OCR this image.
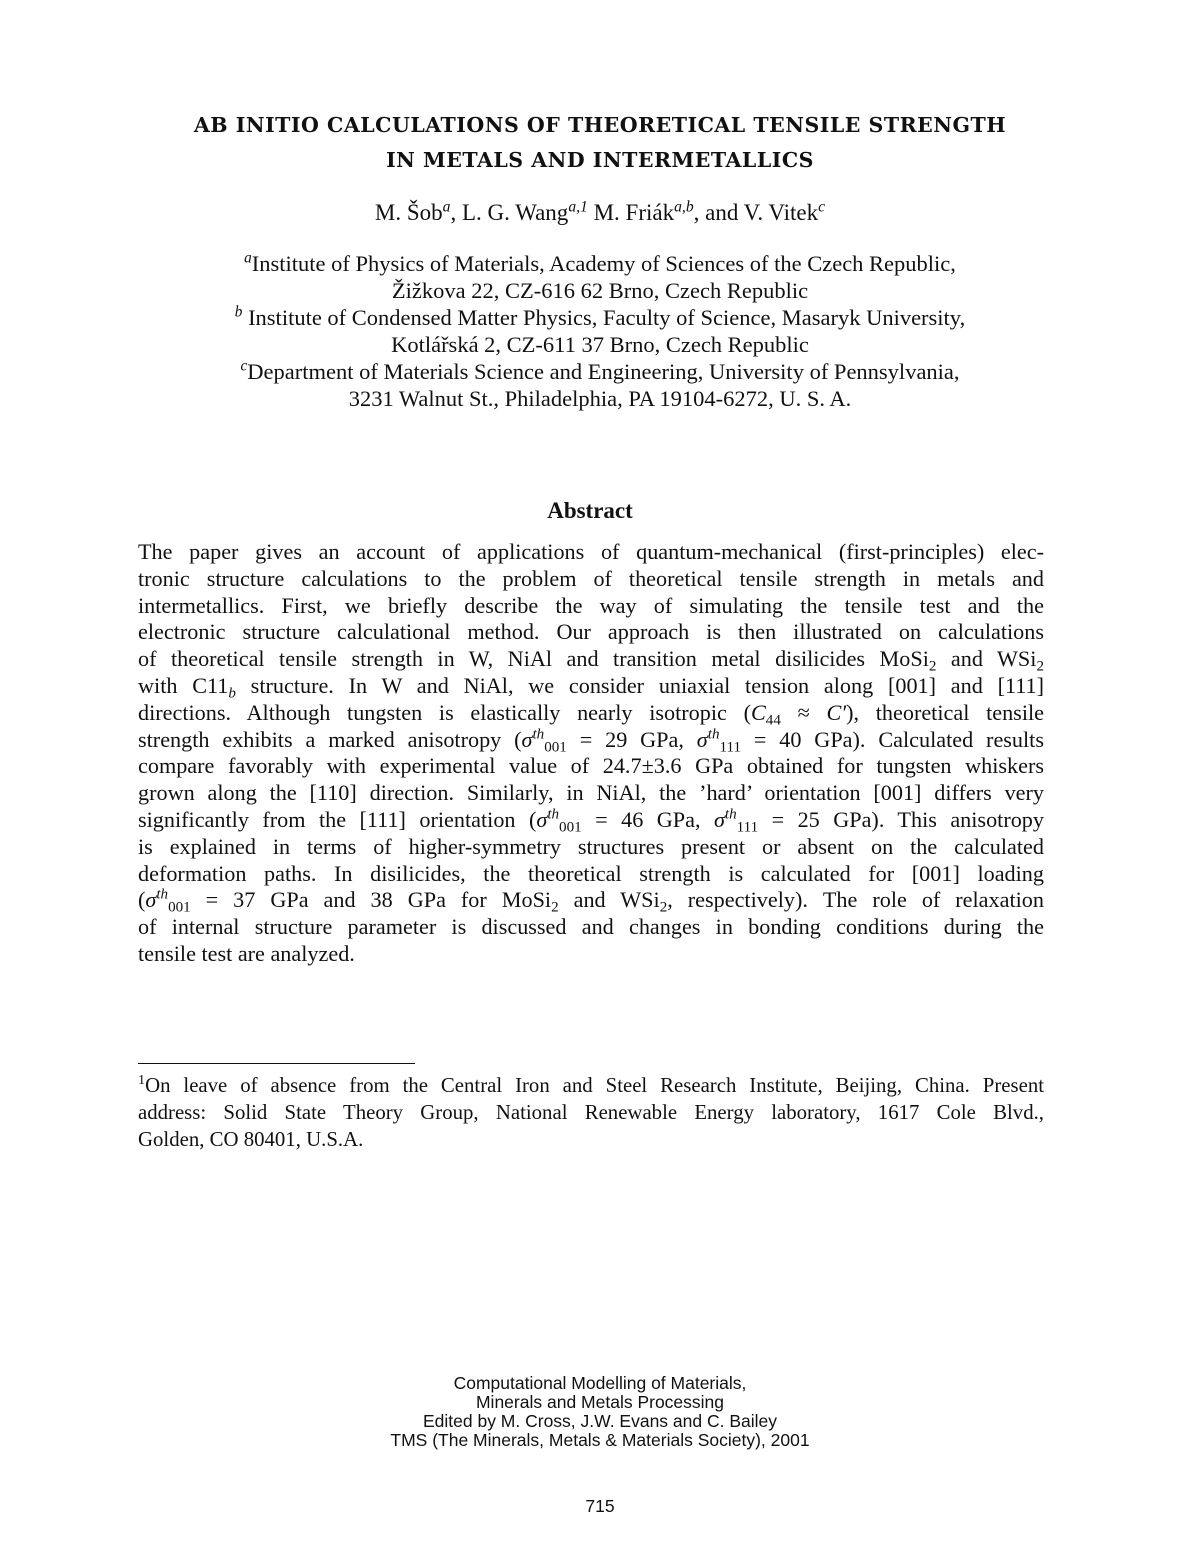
AB INITIO CALCULATIONS OF THEORETICAL TENSILE STRENGTH
IN METALS AND INTERMETALLICS
M. Šob$^a$, L. G. Wang$^{a,1}$ M. Friák$^{a,b}$, and V. Vitek$^c$
$^a$Institute of Physics of Materials, Academy of Sciences of the Czech Republic,
Žižkova 22, CZ-616 62 Brno, Czech Republic
$^b$ Institute of Condensed Matter Physics, Faculty of Science, Masaryk University,
Kotlářská 2, CZ-611 37 Brno, Czech Republic
$^c$Department of Materials Science and Engineering, University of Pennsylvania,
3231 Walnut St., Philadelphia, PA 19104-6272, U. S. A.
Abstract
The paper gives an account of applications of quantum-mechanical (first-principles) elec-
tronic structure calculations to the problem of theoretical tensile strength in metals and
intermetallics. First, we briefly describe the way of simulating the tensile test and the
electronic structure calculational method. Our approach is then illustrated on calculations
of theoretical tensile strength in W, NiAl and transition metal disilicides MoSi$_2$ and WSi$_2$
with $C11_b$ structure. In W and NiAl, we consider uniaxial tension along [001] and [111]
directions. Although tungsten is elastically nearly isotropic $(C_{44} \approx C')$, theoretical tensile
strength exhibits a marked anisotropy ($\sigma^{th}_{001} = 29$ GPa, $\sigma^{th}_{111} = 40$ GPa). Calculated results
compare favorably with experimental value of 24.7±3.6 GPa obtained for tungsten whiskers
grown along the [110] direction. Similarly, in NiAl, the ’hard’ orientation [001] differs very
significantly from the [111] orientation ($\sigma^{th}_{001} = 46$ GPa, $\sigma^{th}_{111} = 25$ GPa). This anisotropy
is explained in terms of higher-symmetry structures present or absent on the calculated
deformation paths. In disilicides, the theoretical strength is calculated for [001] loading
($\sigma^{th}_{001} = 37$ GPa and 38 GPa for MoSi$_2$ and WSi$_2$, respectively). The role of relaxation
of internal structure parameter is discussed and changes in bonding conditions during the
tensile test are analyzed.
$^1$On leave of absence from the Central Iron and Steel Research Institute, Beijing, China. Present
address: Solid State Theory Group, National Renewable Energy laboratory, 1617 Cole Blvd.,
Golden, CO 80401, U.S.A.
Computational Modelling of Materials,
Minerals and Metals Processing
Edited by M. Cross, J.W. Evans and C. Bailey
TMS (The Minerals, Metals & Materials Society), 2001
715
